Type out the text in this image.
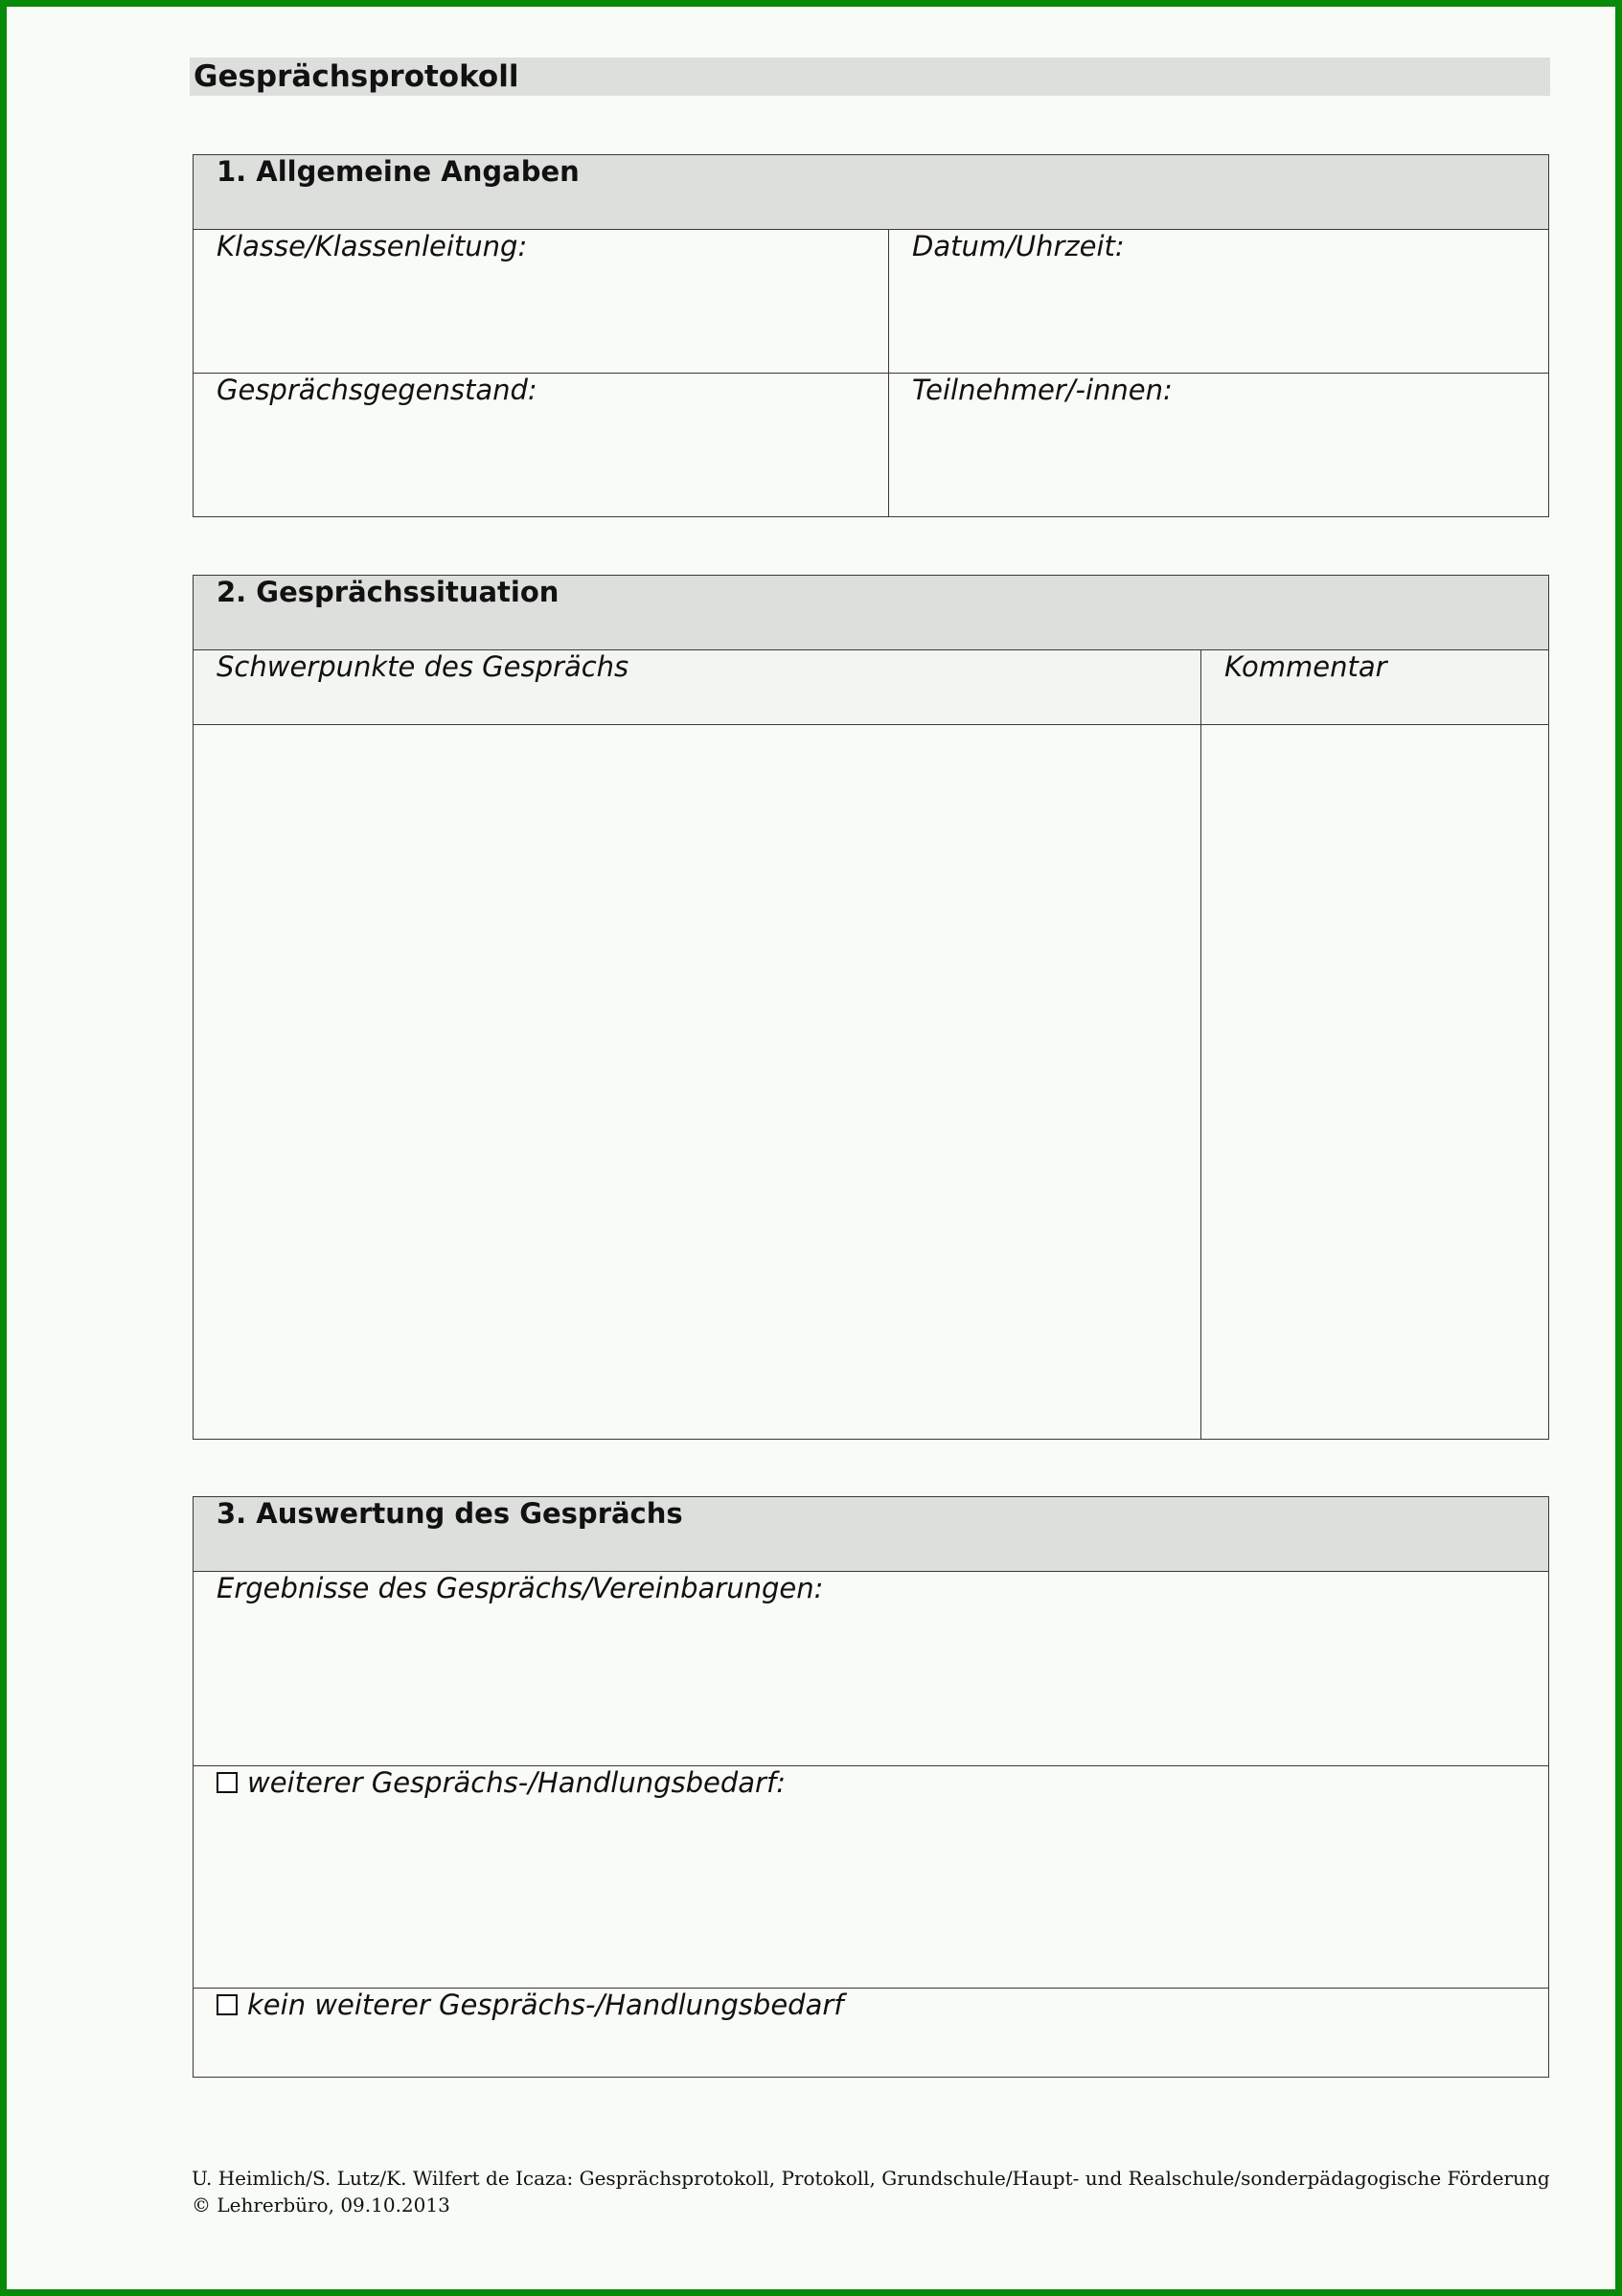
Gesprächsprotokoll
1. Allgemeine Angaben	
Klasse/Klassenleitung:	Datum/Uhrzeit:
Gesprächsgegenstand:	Teilnehmer/-innen:
2. Gesprächssituation	
Schwerpunkte des Gesprächs	Kommentar

3. Auswertung des Gesprächs
Ergebnisse des Gesprächs/Vereinbarungen:
weiterer Gesprächs-/Handlungsbedarf:
kein weiterer Gesprächs-/Handlungsbedarf
U. Heimlich/S. Lutz/K. Wilfert de Icaza: Gesprächsprotokoll, Protokoll, Grundschule/Haupt- und Realschule/sonderpädagogische Förderung
© Lehrerbüro, 09.10.2013
